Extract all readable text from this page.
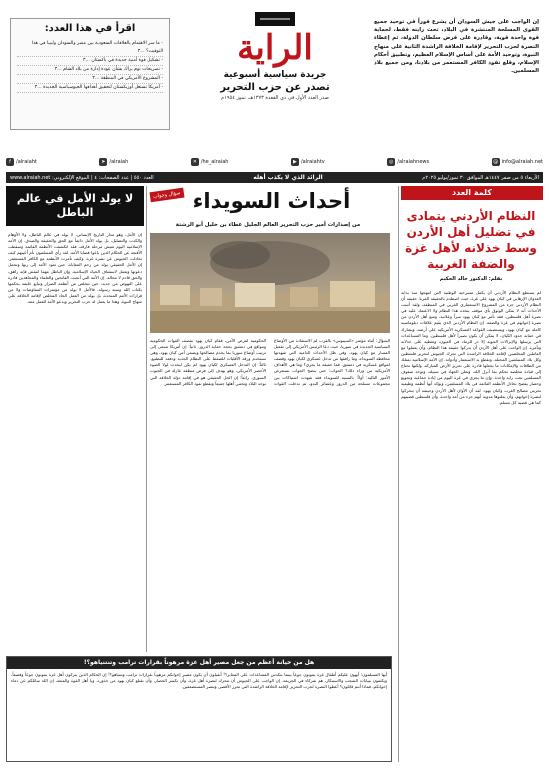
إن الواجب على جيش السودان أن يشرع فوراً في توحيد جميع القوى المسلحة المنتشرة في البلاد، تحت رايته فقط، لحماية قوة واحدة قوية، وقادرة على فرض سلطان الدولة، ثم إعطاء النصرة لحزب التحرير لإقامة الخلافة الراشدة الثانية على منهاج النبوة، وتوحيد الأمة على أساس الإسلام العظيم، وتطبيق أحكام الإسلام، وقلع نفوذ الكافر المستعمر من بلادنا، ومن جميع بلاد المسلمين.
الراية
جريدة سياسية أسبوعية
تصدر عن حزب التحرير
صدر العدد الأول في ذي القعدة ١٣٧٣هـ، تموز ١٩٥٤م
اقرأ في هذا العدد:
- ما سر الاهتمام بالعلاقات السعودية بين مصر والسودان وليبيا في هذا التوقيت؟ ...٣
- تشكيل قوة أمنية جديدة في باكستان ...٣
- تصريحات توم براك بشأن عودة إدارة من بلاد الشام ...٣
- المشروع الأمريكي في المنطقة ...٣
- أمريكا تستغل أوزبكستان لتحقيق أهدافها الجيوسياسية الجديدة ...٣
@ info@alraiah.net
◎ /alraiahnews
▶ /alraiahtv
✕ /he_alraiah
➤ /alraiah
f	/alraiaht
الأربعاء ٥ من صفر ١٤٤٧هـ الموافق ٣٠ تموز/يوليو ٢٠٢٥م
الرائد الذي لا يكذب أهله
العدد ٥٥٠ | عدد الصفحات: ٤ | الموقع الإلكتروني: www.alraiah.net
كلمة العدد
النظام الأردني يتمادى في تضليل أهل الأردن وسط خذلانه لأهل غزة والضفة الغربية
بقلم: الدكتور خالد الحكيم
لم يستطع النظام الأردني أن يكمل مسرحية الوطنية التي انتهجها منذ بداية العدوان الإرهابي في كيان يهود على غزة، حيث اصطدم بالحقيقة المرة؛ حقيقة أن النظام الأردني جزء من المشروع الاستعماري الغربي في المنطقة، ولقد أثبتت الأحداث أنه لا يمكن الوثوق بأي موقف يتخذه هذا النظام ولا الاعتماد عليه في نصرة أهل فلسطين، فقد تآمر مع كيان يهود سراً وعلانية، ومنع أهل الأردن من نصرة إخوانهم في غزة والضفة. إن النظام الأردني الذي يقيم علاقات دبلوماسية كاملة مع كيان يهود، ويستضيف القواعد العسكرية الأمريكية على أرضه، ويشارك في حماية حدود الكيان، لا يمكن أن يكون نصيراً لأهل فلسطين. وما المساعدات التي يرسلها والإنزالات الجوية إلا ذر للرماد في العيون، وتغطية على خذلانه وتآمره. إن الواجب على أهل الأردن أن يدركوا حقيقة هذا النظام، وأن يعملوا مع العاملين المخلصين لإقامة الخلافة الراشدة التي تحرك الجيوش لتحرير فلسطين وكل بلاد المسلمين المحتلة، وتقطع يد الاستعمار وأدواته. إن الأمة الإسلامية تمتلك من الطاقات والإمكانات ما يجعلها قادرة على تحرير الأرض المباركة، ولكنها تحتاج إلى قيادة مخلصة تحكم بما أنزل الله، وتعلن الجهاد في سبيله، وتوحد صفوف المسلمين تحت راية واحدة. وإن ما يجري في غزة اليوم من إبادة جماعية وتجويع وحصار يفضح تخاذل الأنظمة القائمة في بلاد المسلمين، ويؤكد أنها أنظمة وظيفية تحرس مصالح الغرب وكيان يهود. لقد آن الأوان لأهل الأردن وجيشه أن يتحركوا لنصرة إخوانهم، وأن يعلنوها مدوية أنهم جزء من أمة واحدة، وأن فلسطين قضيتهم كما هي قضية كل مسلم.
أحداث السويداء
سؤال وجواب
من إصدارات أمير حزب التحرير العالم الجليل عطاء بن خليل أبو الرشتة
السؤال: أثناء مؤتمر «كسيبوس» بالقرب لم الاستفادة من الأوضاع السياسية الجديدة في سوريا، حيث دعا الرئيس الأمريكي إلى تفعيل المسار مع كيان يهود، وفي ظل الأحداث الدامية التي شهدتها محافظة السويداء، وما رافقها من تدخل عسكري لكيان يهود وقصف لمواقع عسكرية في دمشق، فما حقيقة ما يجري؟ وما هي الأهداف الأمريكية من وراء ذلك؟ الجواب: حتى يتضح الجواب نستعرض الأمور التالية: أولاً: بالنسبة للسويداء فقد شهدت اشتباكات بين مجموعات مسلحة من الدروز وعشائر البدو، ثم تدخلت القوات الحكومية لفرض الأمن، فقام كيان يهود بقصف القوات الحكومية ومواقع في دمشق بحجة حماية الدروز. ثانياً: إن أمريكا تسعى إلى ترتيب أوضاع سوريا بما يخدم مصالحها ويضمن أمن كيان يهود، وهي تستخدم ورقة الأقليات للضغط على النظام الجديد ودفعه للتطبيع. ثالثاً: إن التدخل العسكري لكيان يهود لم يكن ليحدث لولا الضوء الأخضر الأمريكي، وهو يهدف إلى فرض منطقة عازلة في الجنوب السوري. رابعاً: إن الحل الحقيقي هو في إقامة دولة الخلافة التي توحد البلاد وتحمي أهلها جميعاً وتقطع نفوذ الكافر المستعمر.
لا يولد الأمل في عالم الباطل
إن الأمل، وهو مدار التاريخ الإنساني، لا يولد في عالم الباطل، ولا الأوهام والكذب والتضليل، بل يولد الأمل دائماً مع الحق والحقيقة والصدق. إن الأمة الإسلامية اليوم تعيش مرحلة فارقة، فقد انكشفت الأنظمة القائمة وسقطت الأقنعة عن الحكام الذين باعوا قضايا الأمة. لقد رأى المسلمون بأم أعينهم كيف تخاذلت الجيوش عن نصرة غزة، وكيف تآمرت الأنظمة مع الكافر المستعمر. إن الأمل الحقيقي يولد من رحم المعاناة، حين تعود الأمة إلى ربها وتحمل دعوتها وتعمل لاستئناف الحياة الإسلامية. وإن الباطل مهما انتفش فإنه زاهق، والحق قادم لا محالة. إن الأمة التي أنجبت الفاتحين والعلماء والمجاهدين قادرة على النهوض من جديد، حين تتخلص من أنظمة الضرار وتبايع خليفة يحكمها بكتاب الله وسنة رسوله. فالأمل لا يولد من مؤتمرات المفاوضات ولا من قرارات الأمم المتحدة، بل يولد من العمل الجاد المخلص لإقامة الخلافة على منهاج النبوة، وهذا ما يعمل له حزب التحرير ويدعو الأمة للعمل معه.
هل من خيانة أعظم من جعل مصير أهل غزة مرهوناً بقرارات ترامب وتنتنياهو؟!
أيها المسلمون: أيهون عليكم أطفال غزة يموتون جوعاً بينما تتكدس المساعدات على المعابر؟! أتقبلون أن يكون مصير إخوانكم مرهوناً بقرارات ترامب ونتنياهو؟! إن الحكام الذين يتركون أهل غزة يموتون جوعاً وقصفاً، ويكتفون ببيانات الشجب والاستنكار، هم شركاء في الجريمة. إن الواجب على الجيوش أن تتحرك لنصرة أهل غزة، وأن تكسر الحصار، وأن تقتلع كيان يهود من جذوره. ويا أهل القوة والمنعة، إن الله سائلكم عن دماء إخوانكم، فماذا أنتم قائلون؟ أعطوا النصرة لحزب التحرير لإقامة الخلافة الراشدة التي تحرر الأقصى وتنصر المستضعفين.
